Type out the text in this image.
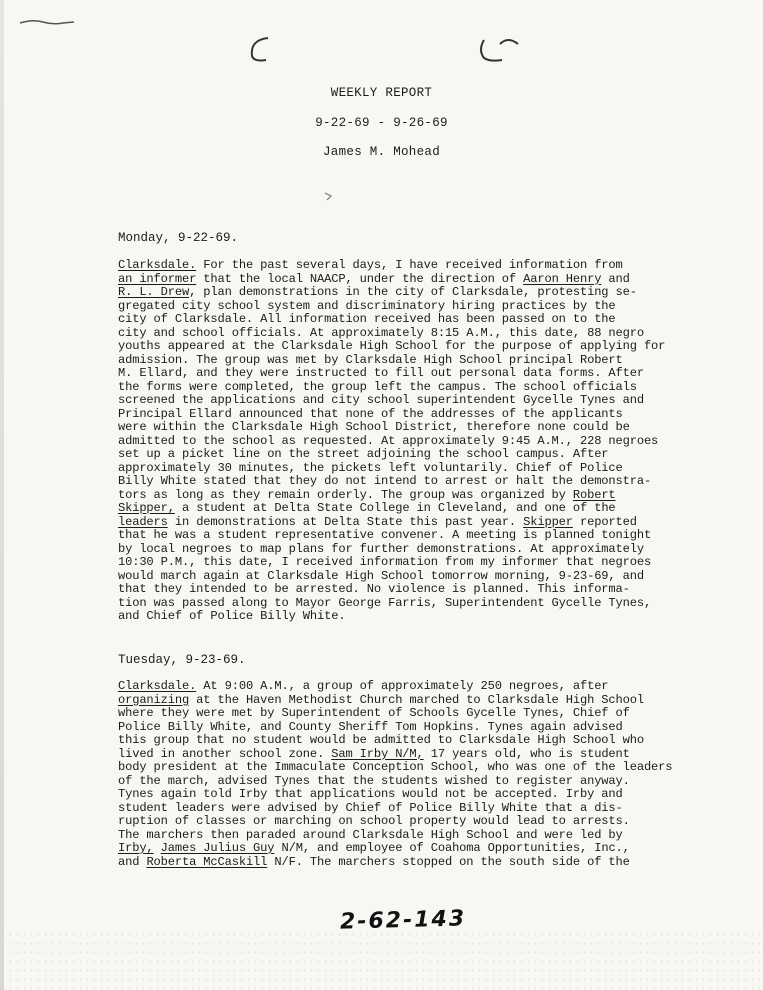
WEEKLY REPORT
9-22-69 - 9-26-69
James M. Mohead
Monday, 9-22-69.
Clarksdale. For the past several days, I have received information from
an informer that the local NAACP, under the direction of Aaron Henry and
R. L. Drew, plan demonstrations in the city of Clarksdale, protesting se-
gregated city school system and discriminatory hiring practices by the
city of Clarksdale. All information received has been passed on to the
city and school officials. At approximately 8:15 A.M., this date, 88 negro
youths appeared at the Clarksdale High School for the purpose of applying for
admission. The group was met by Clarksdale High School principal Robert
M. Ellard, and they were instructed to fill out personal data forms. After
the forms were completed, the group left the campus. The school officials
screened the applications and city school superintendent Gycelle Tynes and
Principal Ellard announced that none of the addresses of the applicants
were within the Clarksdale High School District, therefore none could be
admitted to the school as requested. At approximately 9:45 A.M., 228 negroes
set up a picket line on the street adjoining the school campus. After
approximately 30 minutes, the pickets left voluntarily. Chief of Police
Billy White stated that they do not intend to arrest or halt the demonstra-
tors as long as they remain orderly. The group was organized by Robert
Skipper, a student at Delta State College in Cleveland, and one of the
leaders in demonstrations at Delta State this past year. Skipper reported
that he was a student representative convener. A meeting is planned tonight
by local negroes to map plans for further demonstrations. At approximately
10:30 P.M., this date, I received information from my informer that negroes
would march again at Clarksdale High School tomorrow morning, 9-23-69, and
that they intended to be arrested. No violence is planned. This informa-
tion was passed along to Mayor George Farris, Superintendent Gycelle Tynes,
and Chief of Police Billy White.
Tuesday, 9-23-69.
Clarksdale. At 9:00 A.M., a group of approximately 250 negroes, after
organizing at the Haven Methodist Church marched to Clarksdale High School
where they were met by Superintendent of Schools Gycelle Tynes, Chief of
Police Billy White, and County Sheriff Tom Hopkins. Tynes again advised
this group that no student would be admitted to Clarksdale High School who
lived in another school zone. Sam Irby N/M, 17 years old, who is student
body president at the Immaculate Conception School, who was one of the leaders
of the march, advised Tynes that the students wished to register anyway.
Tynes again told Irby that applications would not be accepted. Irby and
student leaders were advised by Chief of Police Billy White that a dis-
ruption of classes or marching on school property would lead to arrests.
The marchers then paraded around Clarksdale High School and were led by
Irby, James Julius Guy N/M, and employee of Coahoma Opportunities, Inc.,
and Roberta McCaskill N/F. The marchers stopped on the south side of the
2-62-143
